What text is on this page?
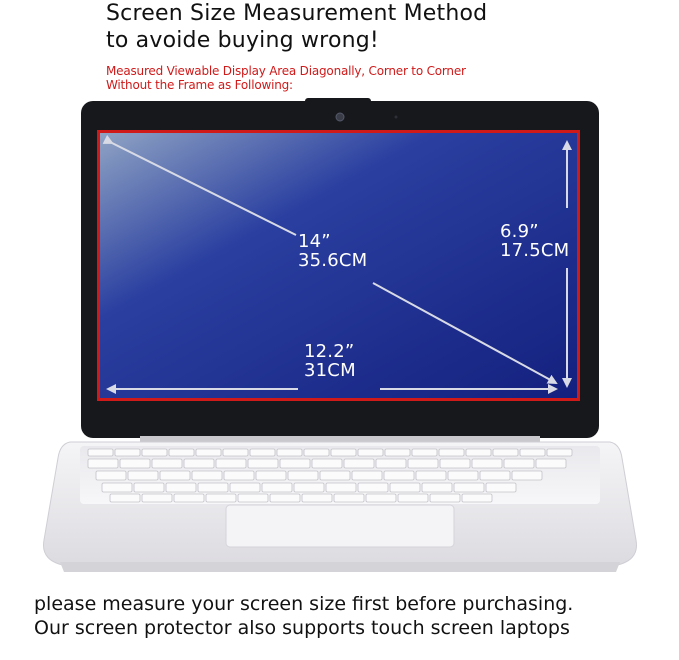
Screen Size Measurement Method
to avoide buying wrong!
Measured Viewable Display Area Diagonally, Corner to Corner
Without the Frame as Following:
14”
35.6CM
6.9”
17.5CM
12.2”
31CM
please measure your screen size first before purchasing.
Our screen protector also supports touch screen laptops
